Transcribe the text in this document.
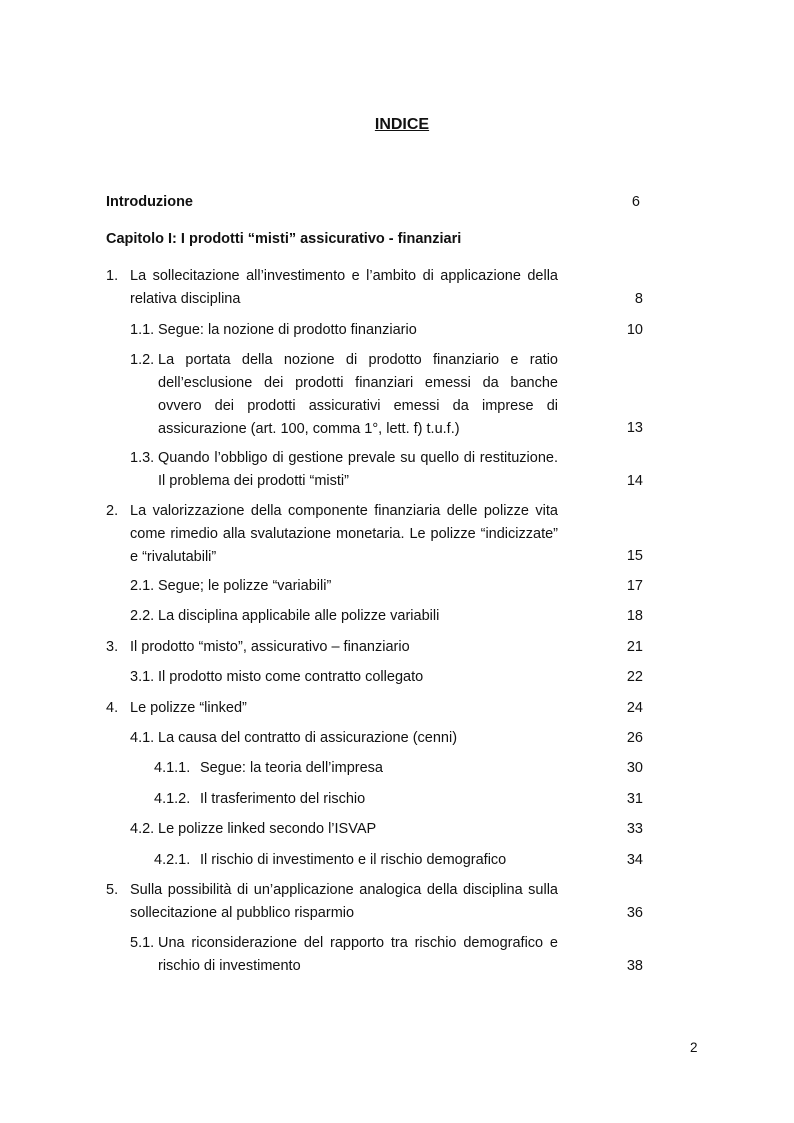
INDICE
Introduzione	6
Capitolo I: I prodotti “misti” assicurativo - finanziari
1. La sollecitazione all’investimento e l’ambito di applicazione della relativa disciplina	8
1.1. Segue: la nozione di prodotto finanziario	10
1.2. La portata della nozione di prodotto finanziario e ratio dell’esclusione dei prodotti finanziari emessi da banche ovvero dei prodotti assicurativi emessi da imprese di assicurazione (art. 100, comma 1°, lett. f) t.u.f.)	13
1.3. Quando l’obbligo di gestione prevale su quello di restituzione. Il problema dei prodotti “misti”	14
2. La valorizzazione della componente finanziaria delle polizze vita come rimedio alla svalutazione monetaria. Le polizze “indicizzate” e “rivalutabili”	15
2.1. Segue; le polizze “variabili”	17
2.2. La disciplina applicabile alle polizze variabili	18
3. Il prodotto “misto”, assicurativo – finanziario	21
3.1. Il prodotto misto come contratto collegato	22
4. Le polizze “linked”	24
4.1. La causa del contratto di assicurazione (cenni)	26
4.1.1. Segue: la teoria dell’impresa	30
4.1.2. Il trasferimento del rischio	31
4.2. Le polizze linked secondo l’ISVAP	33
4.2.1. Il rischio di investimento e il rischio demografico	34
5. Sulla possibilità di un’applicazione analogica della disciplina sulla sollecitazione al pubblico risparmio	36
5.1. Una riconsiderazione del rapporto tra rischio demografico e rischio di investimento	38
2
